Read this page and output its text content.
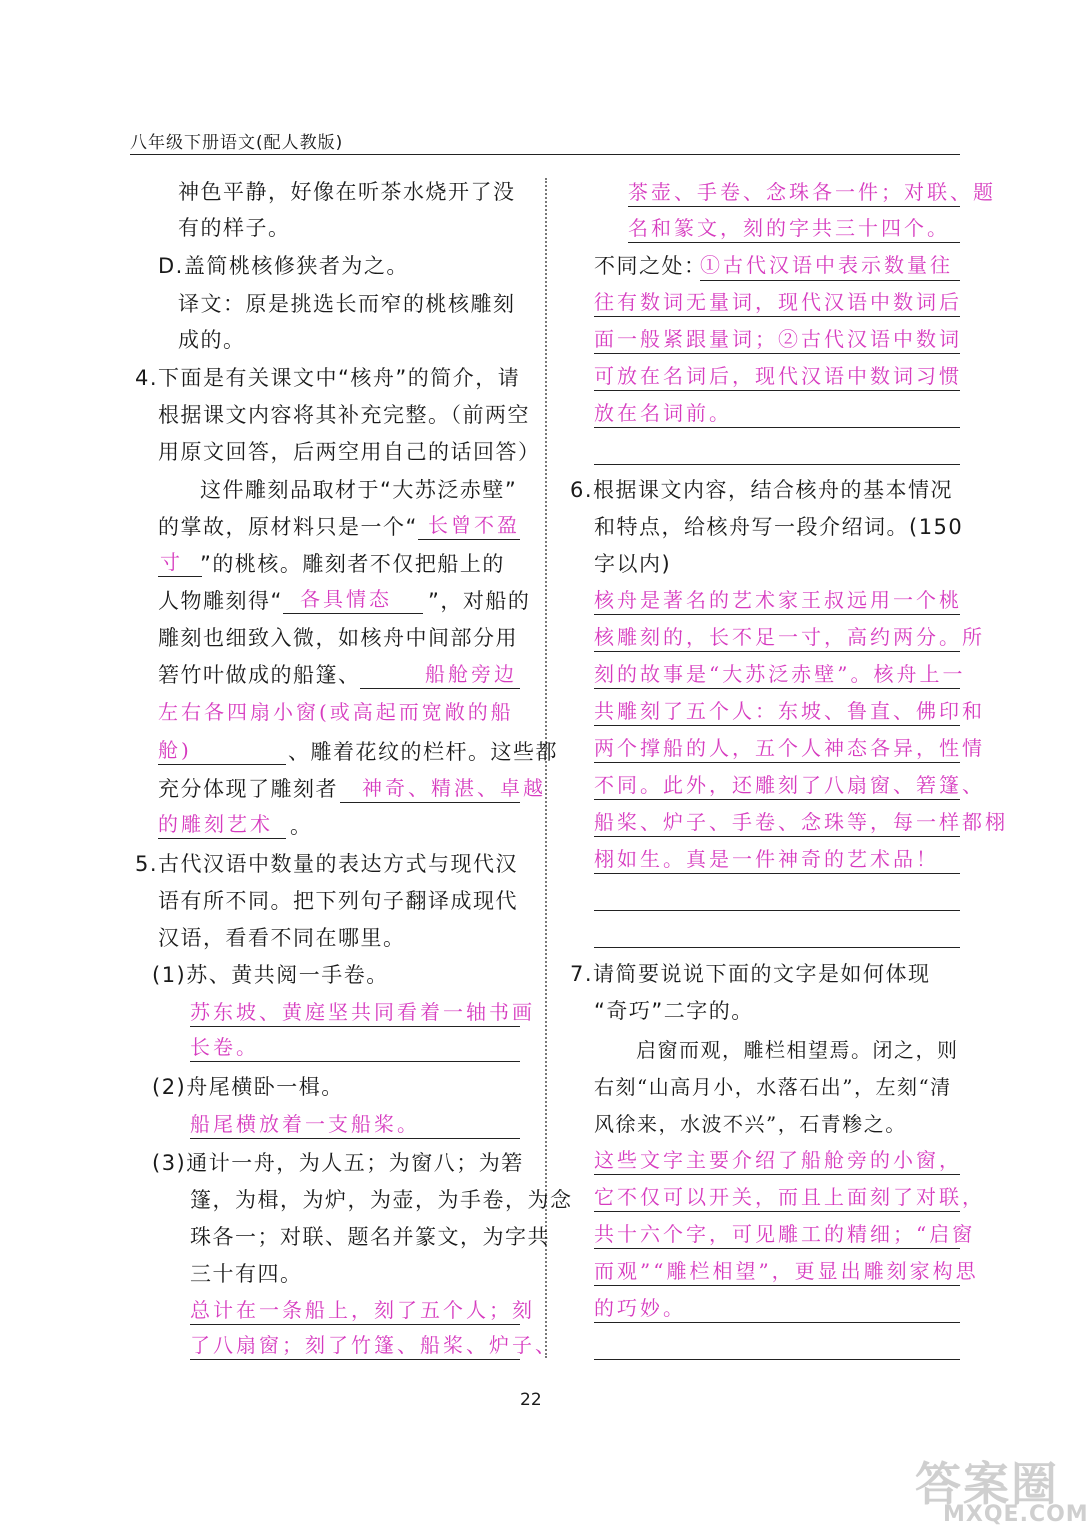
八年级下册语文(配人教版)
神色平静，好像在听茶水烧开了没
有的样子。
D.盖简桃核修狭者为之。
译文：原是挑选长而窄的桃核雕刻
成的。
4.下面是有关课文中“核舟”的简介，请
根据课文内容将其补充完整。（前两空
用原文回答，后两空用自己的话回答）
这件雕刻品取材于“大苏泛赤壁”
的掌故，原材料只是一个“ 长曾不盈
寸 ”的桃核。雕刻者不仅把船上的
人物雕刻得“ 各具情态 ”，对船的
雕刻也细致入微，如核舟中间部分用
箬竹叶做成的船篷、	船舱旁边
左右各四扇小窗(或高起而宽敞的船
舱)	、雕着花纹的栏杆。这些都
充分体现了雕刻者 神奇、精湛、卓越
的雕刻艺术 。
5.古代汉语中数量的表达方式与现代汉
语有所不同。把下列句子翻译成现代
汉语，看看不同在哪里。
(1)苏、黄共阅一手卷。
苏东坡、黄庭坚共同看着一轴书画
长卷。
(2)舟尾横卧一楫。
船尾横放着一支船桨。
(3)通计一舟，为人五；为窗八；为箬
篷，为楫，为炉，为壶，为手卷，为念
珠各一；对联、题名并篆文，为字共
三十有四。
总计在一条船上，刻了五个人；刻
了八扇窗；刻了竹篷、船桨、炉子、
茶壶、手卷、念珠各一件；对联、题
名和篆文，刻的字共三十四个。
不同之处：
①古代汉语中表示数量往
往有数词无量词，现代汉语中数词后
面一般紧跟量词；②古代汉语中数词
可放在名词后，现代汉语中数词习惯
放在名词前。
6.根据课文内容，结合核舟的基本情况
和特点，给核舟写一段介绍词。(150
字以内)
核舟是著名的艺术家王叔远用一个桃
核雕刻的，长不足一寸，高约两分。所
刻的故事是“大苏泛赤壁”。核舟上一
共雕刻了五个人：东坡、鲁直、佛印和
两个撑船的人，五个人神态各异，性情
不同。此外，还雕刻了八扇窗、箬篷、
船桨、炉子、手卷、念珠等，每一样都栩
栩如生。真是一件神奇的艺术品！
7.请简要说说下面的文字是如何体现
“奇巧”二字的。
启窗而观，雕栏相望焉。闭之，则
右刻“山高月小，水落石出”，左刻“清
风徐来，水波不兴”，石青糁之。
这些文字主要介绍了船舱旁的小窗，
它不仅可以开关，而且上面刻了对联，
共十六个字，可见雕工的精细；“启窗
而观”“雕栏相望”，更显出雕刻家构思
的巧妙。
22
答案圈
MXQE.COM
